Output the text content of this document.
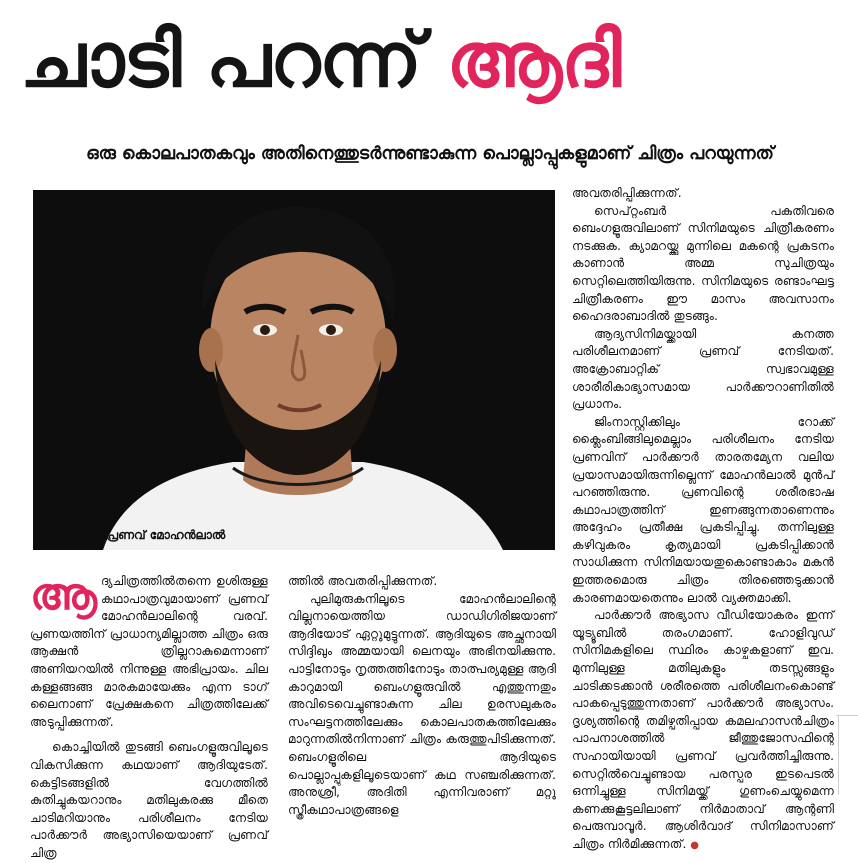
ചാടി പറന്ന് ആദി
ഒരു കൊലപാതകവും അതിനെത്തുടര്‍ന്നുണ്ടാകുന്ന പൊല്ലാപ്പുകളുമാണ് ചിത്രം പറയുന്നത്
പ്രണവ് മോഹന്‍ലാല്‍

ആദ്യചിത്രത്തില്‍തന്നെ ഉശിരുള്ള കഥാപാത്രവുമായാണ് പ്രണവ് മോഹന്‍ലാലിന്റെ വരവ്. പ്രണയത്തിന് പ്രാധാന്യമില്ലാത്ത ചിത്രം ഒരു ആക്ഷന്‍ ത്രില്ലറാകുമെന്നാണ് അണിയറയില്‍ നിന്നുള്ള അഭിപ്രായം. ചില കള്ളങ്ങങ്ങ മാരകമായേക്കും എന്ന ടാഗ് ലൈനാണ് പ്രേക്ഷകനെ ചിത്രത്തിലേക്ക് അടുപ്പിക്കുന്നത്.

കൊച്ചിയില്‍ തുടങ്ങി ബെംഗളൂരുവിലൂടെ വികസിക്കുന്ന കഥയാണ് ആദിയുടേത്. കെട്ടിടങ്ങളില്‍ വേഗത്തില്‍ കുതിച്ചുകയറാനും മതിലുകരക്കു മീതെ ചാടിമറിയാനും പരിശീലനം നേടിയ പാര്‍ക്കൗര്‍ അഭ്യാസിയെയാണ് പ്രണവ് ചിത്ര

ത്തില്‍ അവതരിപ്പിക്കുന്നത്.

പുലിമുരുകനിലൂടെ മോഹന്‍ലാലിന്റെ വില്ലനായെത്തിയ ഡാഡിഗിരിജയാണ് ആദിയോട് ഏറ്റുമുട്ടുന്നത്. ആദിയുടെ അച്ഛനായി സിദ്ദിഖും അമ്മയായി ലെനയും അഭിനയിക്കുന്നു. പാട്ടിനോടും നൃത്തത്തിനോടും താത്പര്യമുള്ള ആദി കാറുമായി ബെംഗളൂരുവില്‍ എത്തുന്നതും അവിടെവെച്ചുണ്ടാകുന്ന ചില ഉരസലുകരം സംഘട്ടനത്തിലേക്കും കൊലപാതകത്തിലേക്കും മാറുന്നതില്‍നിന്നാണ് ചിത്രം കരുത്തുപിടിക്കുന്നത്. ബെംഗളൂരിലെ ആദിയുടെ പൊല്ലാപ്പുകളിലൂടെയാണ് കഥ സഞ്ചരിക്കുന്നത്. അനുശ്രീ, അദിതി എന്നിവരാണ് മറ്റു സ്ത്രീകഥാപാത്രങ്ങളെ

അവതരിപ്പിക്കുന്നത്.

സെപ്റ്റംബര്‍ പകുതിവരെ ബെംഗളൂരുവിലാണ് സിനിമയുടെ ചിത്രീകരണം നടക്കുക. ക്യാമറയ്ക്കു മുന്നിലെ മകന്റെ പ്രകടനം കാണാന്‍ അമ്മ സുചിത്രയും സെറ്റിലെത്തിയിരുന്നു. സിനിമയുടെ രണ്ടാംഘട്ട ചിത്രീകരണം ഈ മാസം അവസാനം ഹൈദരാബാദില്‍ തുടങ്ങും.

ആദ്യസിനിമയ്ക്കായി കനത്ത പരിശീലനമാണ് പ്രണവ് നേടിയത്. അക്രോബാറ്റിക് സ്വഭാവമുള്ള ശാരീരികാഭ്യാസമായ പാര്‍ക്കൗറാണിതില്‍ പ്രധാനം.

ജിംനാസ്റ്റിക്കിലും റോക്ക് ക്ലൈംബിങ്ങിലുമെല്ലാം പരിശീലനം നേടിയ പ്രണവിന് പാര്‍ക്കൗര്‍ താരതമ്യേന വലിയ പ്രയാസമായിരുന്നില്ലെന്ന് മോഹന്‍ലാല്‍ മുന്‍പ് പറഞ്ഞിരുന്നു. പ്രണവിന്റെ ശരീരഭാഷ കഥാപാത്രത്തിന് ഇണങ്ങുന്നതാണെന്നും അദ്ദേഹം പ്രതീക്ഷ പ്രകടിപ്പിച്ചു. തന്നിലുള്ള കഴിവുകരം കൃത്യമായി പ്രകടിപ്പിക്കാന്‍ സാധിക്കുന്ന സിനിമയായതുകൊണ്ടാകാം മകന്‍ ഇത്തരമൊരു ചിത്രം തിരഞ്ഞെടുക്കാന്‍ കാരണമായതെന്നും ലാല്‍ വ്യക്തമാക്കി.

പാര്‍ക്കൗര്‍ അഭ്യാസ വീഡിയോകരം ഇന്ന് യൂട്യൂബില്‍ തരംഗമാണ്. ഹോളിവുഡ് സിനിമകളിലെ സ്ഥിരം കാഴ്ചകളാണ് ഇവ. മുന്നിലുള്ള മതിലുകളും തടസ്സങ്ങളും ചാടിക്കടക്കാന്‍ ശരീരത്തെ പരിശീലനംകൊണ്ട് പാകപ്പെടുത്തുന്നതാണ് പാര്‍ക്കൗര്‍ അഭ്യാസം. ദൃശ്യത്തിന്റെ തമിഴ്പതിപ്പായ കമലഹാസന്‍ചിത്രം പാപനാശത്തില്‍ ജീത്തുജോസഫിന്റെ സഹായിയായി പ്രണവ് പ്രവര്‍ത്തിച്ചിരുന്നു. സെറ്റില്‍വെച്ചുണ്ടായ പരസ്പര ഇടപെടല്‍ ഒന്നിച്ചുള്ള സിനിമയ്ക്ക് ഗുണംചെയ്യുമെന്ന കണക്കുകൂട്ടലിലാണ് നിര്‍മാതാവ് ആന്റണി പെരുമ്പാവൂര്‍. ആശിര്‍വാദ് സിനിമാസാണ് ചിത്രം നിര്‍മിക്കുന്നത്. ●
